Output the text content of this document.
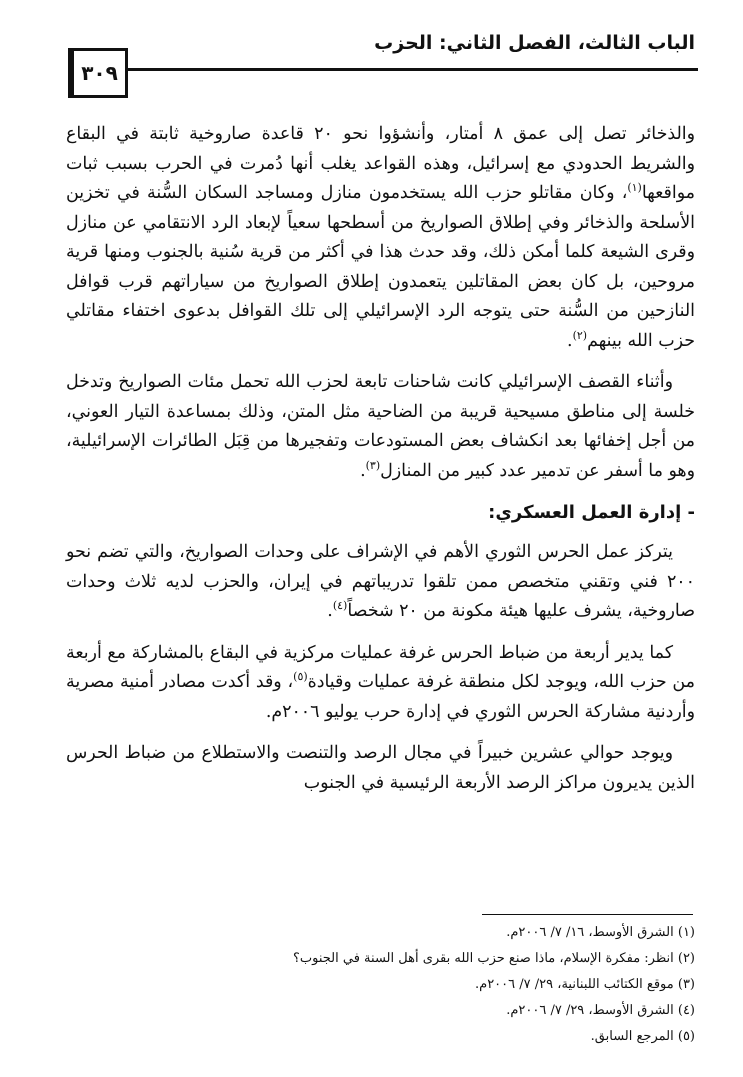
الباب الثالث، الفصل الثاني: الحزب
٣٠٩

والذخائر تصل إلى عمق ٨ أمتار، وأنشؤوا نحو ٢٠ قاعدة صاروخية ثابتة في البقاع والشريط الحدودي مع إسرائيل، وهذه القواعد يغلب أنها دُمرت في الحرب بسبب ثبات مواقعها$^{(١)}$، وكان مقاتلو حزب الله يستخدمون منازل ومساجد السكان السُّنة في تخزين الأسلحة والذخائر وفي إطلاق الصواريخ من أسطحها سعياً لإبعاد الرد الانتقامي عن منازل وقرى الشيعة كلما أمكن ذلك، وقد حدث هذا في أكثر من قرية سُنية بالجنوب ومنها قرية مروحين، بل كان بعض المقاتلين يتعمدون إطلاق الصواريخ من سياراتهم قرب قوافل النازحين من السُّنة حتى يتوجه الرد الإسرائيلي إلى تلك القوافل بدعوى اختفاء مقاتلي حزب الله بينهم$^{(٢)}$.

وأثناء القصف الإسرائيلي كانت شاحنات تابعة لحزب الله تحمل مئات الصواريخ وتدخل خلسة إلى مناطق مسيحية قريبة من الضاحية مثل المتن، وذلك بمساعدة التيار العوني، من أجل إخفائها بعد انكشاف بعض المستودعات وتفجيرها من قِبَل الطائرات الإسرائيلية، وهو ما أسفر عن تدمير عدد كبير من المنازل$^{(٣)}$.

- إدارة العمل العسكري:

يتركز عمل الحرس الثوري الأهم في الإشراف على وحدات الصواريخ، والتي تضم نحو ٢٠٠ فني وتقني متخصص ممن تلقوا تدريباتهم في إيران، والحزب لديه ثلاث وحدات صاروخية، يشرف عليها هيئة مكونة من ٢٠ شخصاً$^{(٤)}$.

كما يدير أربعة من ضباط الحرس غرفة عمليات مركزية في البقاع بالمشاركة مع أربعة من حزب الله، ويوجد لكل منطقة غرفة عمليات وقيادة$^{(٥)}$، وقد أكدت مصادر أمنية مصرية وأردنية مشاركة الحرس الثوري في إدارة حرب يوليو ٢٠٠٦م.

ويوجد حوالي عشرين خبيراً في مجال الرصد والتنصت والاستطلاع من ضباط الحرس الذين يديرون مراكز الرصد الأربعة الرئيسية في الجنوب

(١) الشرق الأوسط، ١٦/ ٧/ ٢٠٠٦م.
(٢) انظر: مفكرة الإسلام، ماذا صنع حزب الله بقرى أهل السنة في الجنوب؟
(٣) موقع الكتائب اللبنانية، ٢٩/ ٧/ ٢٠٠٦م.
(٤) الشرق الأوسط، ٢٩/ ٧/ ٢٠٠٦م.
(٥) المرجع السابق.
